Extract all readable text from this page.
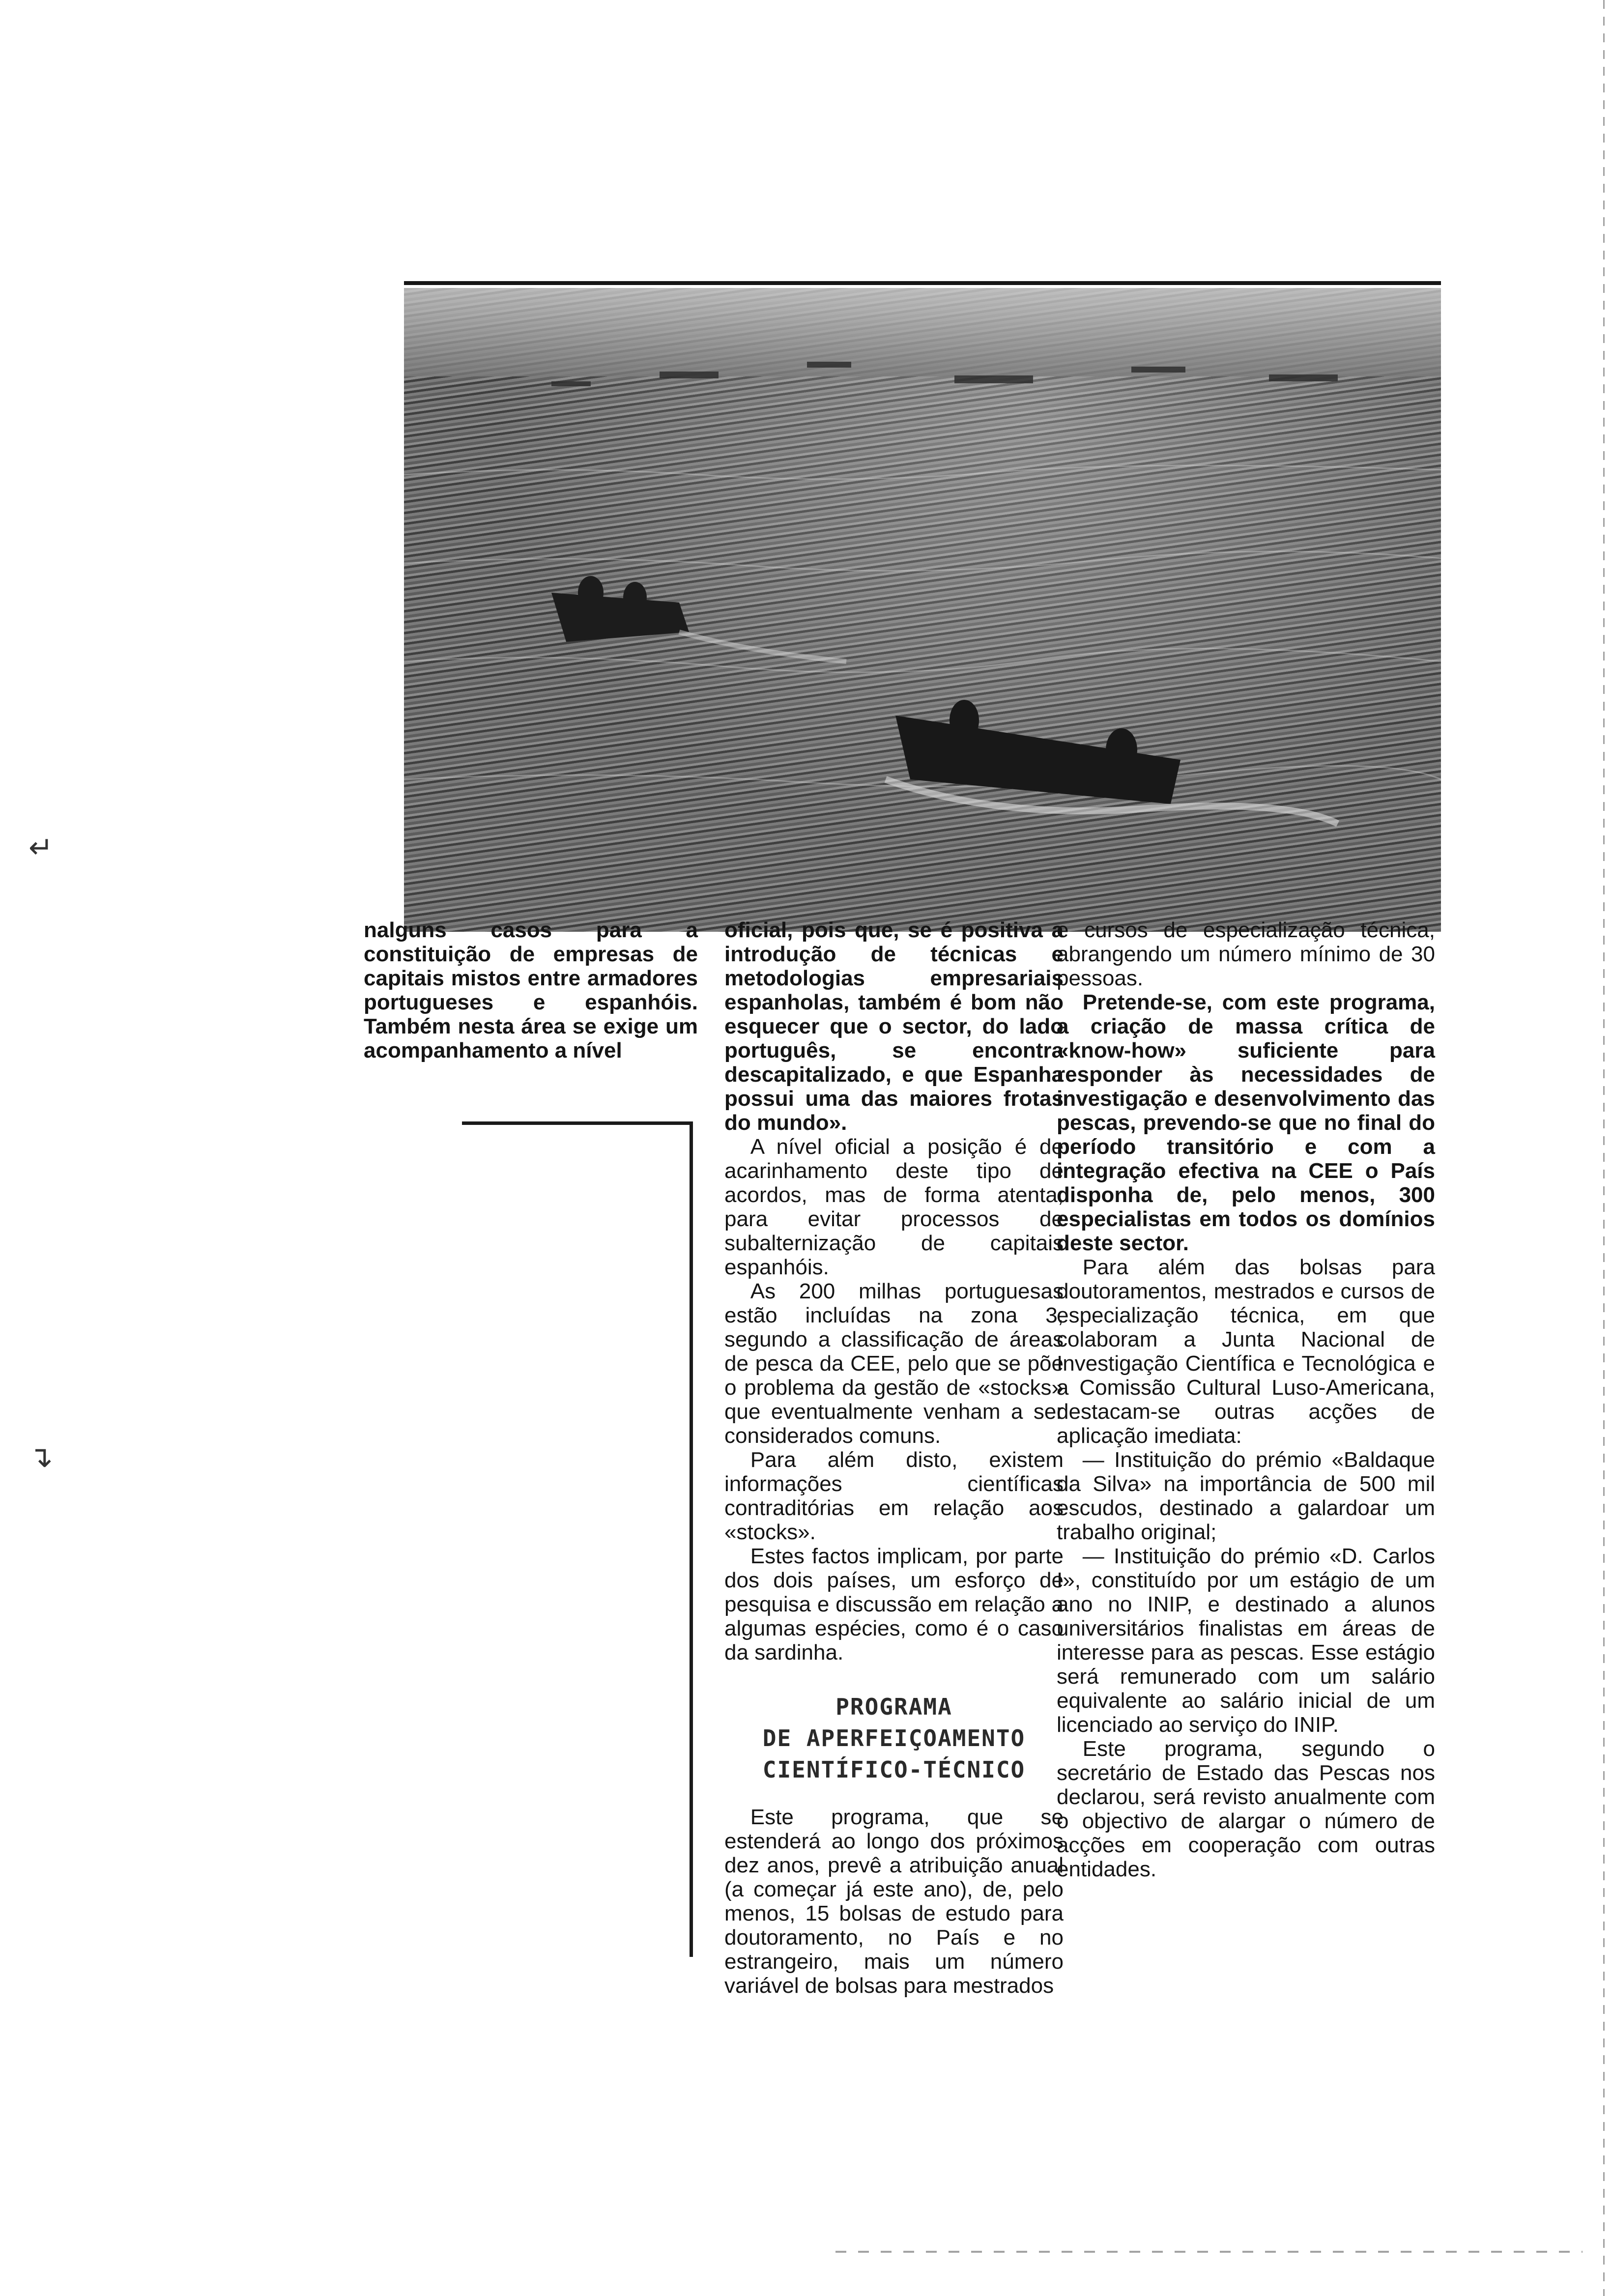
nalguns casos para a constituição de empresas de capitais mistos entre armadores portugueses e espanhóis. Também nesta área se exige um acompanhamento a nível

oficial, pois que, se é positiva a introdução de técnicas e metodologias empresariais espanholas, também é bom não esquecer que o sector, do lado português, se encontra descapitalizado, e que Espanha possui uma das maiores frotas do mundo».

A nível oficial a posição é de acarinhamento deste tipo de acordos, mas de forma atenta, para evitar processos de subalternização de capitais espanhóis.

As 200 milhas portuguesas estão incluídas na zona 3, segundo a classificação de áreas de pesca da CEE, pelo que se põe o problema da gestão de «stocks» que eventualmente venham a ser considerados comuns.

Para além disto, existem informações científicas contraditórias em relação aos «stocks».

Estes factos implicam, por parte dos dois países, um esforço de pesquisa e discussão em relação a algumas espécies, como é o caso da sardinha.

PROGRAMA
DE APERFEIÇOAMENTO
CIENTÍFICO-TÉCNICO

Este programa, que se estenderá ao longo dos próximos dez anos, prevê a atribuição anual (a começar já este ano), de, pelo menos, 15 bolsas de estudo para doutoramento, no País e no estrangeiro, mais um número variável de bolsas para mestrados

e cursos de especialização técnica, abrangendo um número mínimo de 30 pessoas.

Pretende-se, com este programa, a criação de massa crítica de «know-how» suficiente para responder às necessidades de investigação e desenvolvimento das pescas, prevendo-se que no final do período transitório e com a integração efectiva na CEE o País disponha de, pelo menos, 300 especialistas em todos os domínios deste sector.

Para além das bolsas para doutoramentos, mestrados e cursos de especialização técnica, em que colaboram a Junta Nacional de Investigação Científica e Tecnológica e a Comissão Cultural Luso-Americana, destacam-se outras acções de aplicação imediata:

— Instituição do prémio «Baldaque da Silva» na importância de 500 mil escudos, destinado a galardoar um trabalho original;

— Instituição do prémio «D. Carlos I», constituído por um estágio de um ano no INIP, e destinado a alunos universitários finalistas em áreas de interesse para as pescas. Esse estágio será remunerado com um salário equivalente ao salário inicial de um licenciado ao serviço do INIP.

Este programa, segundo o secretário de Estado das Pescas nos declarou, será revisto anualmente com o objectivo de alargar o número de acções em cooperação com outras entidades.

↵
↴
